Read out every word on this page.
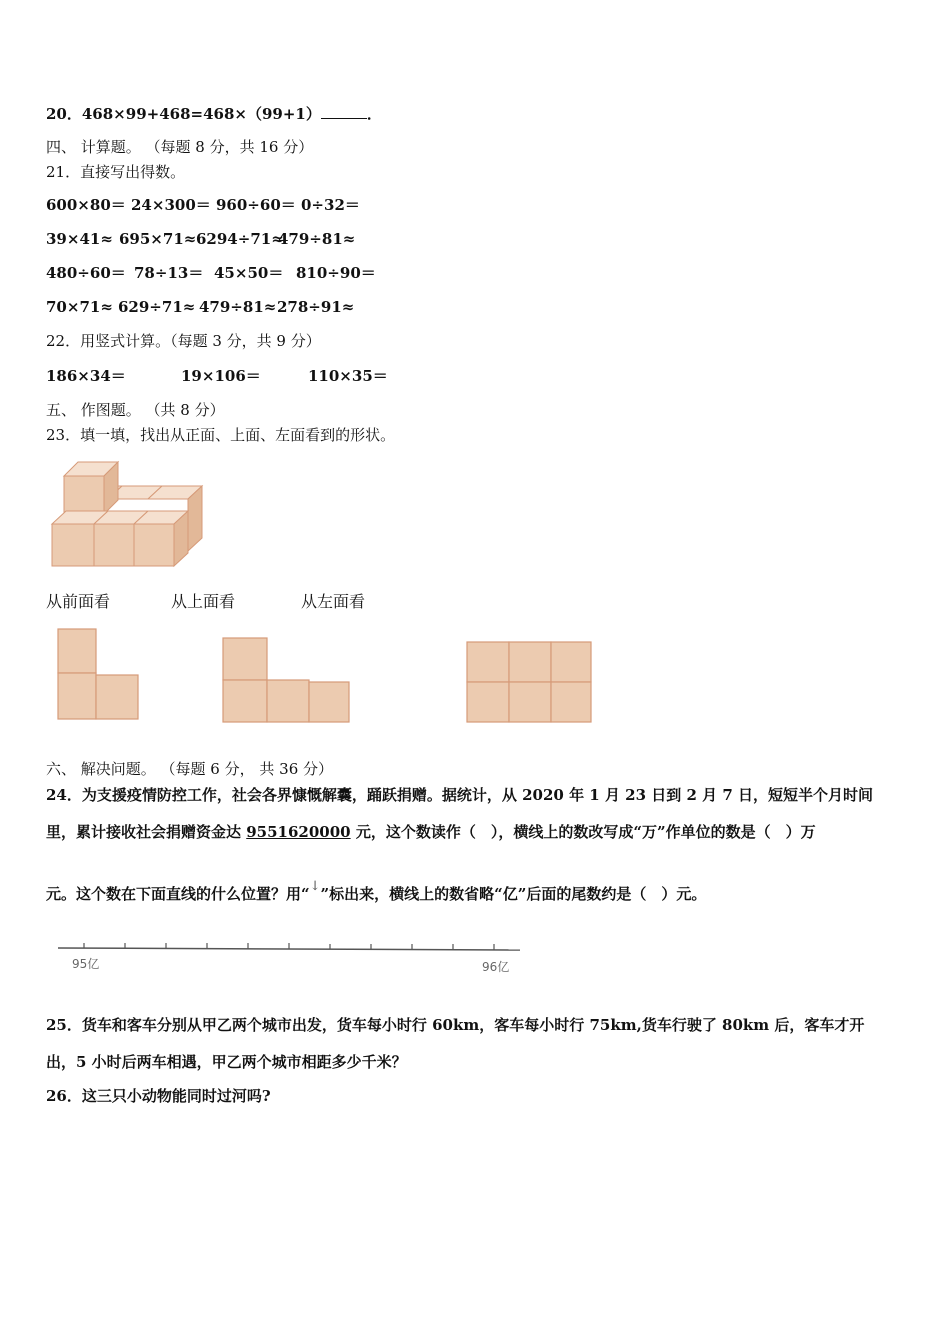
20．468×99+468=468×（99+1）	．
四、 计算题。 （每题 8 分，共 16 分）
21．直接写出得数。
600×80＝ 24×300＝ 960÷60＝ 0÷32＝
39×41≈ 695×71≈6294÷71≈479÷81≈
480÷60＝ 78÷13＝ 45×50＝ 810÷90＝
70×71≈ 629÷71≈ 479÷81≈278÷91≈
22．用竖式计算。（每题 3 分，共 9 分）
186×34＝	19×106＝	110×35＝
五、 作图题。 （共 8 分）
23．填一填，找出从正面、上面、左面看到的形状。
从前面看	从上面看	从左面看
六、 解决问题。 （每题 6 分， 共 36 分）
24．为支援疫情防控工作，社会各界慷慨解囊，踊跃捐赠。据统计，从 2020 年 1 月 23 日到 2 月 7 日，短短半个月时间
里，累计接收社会捐赠资金达 9551620000 元，这个数读作（　），横线上的数改写成“万”作单位的数是（　）万
元。这个数在下面直线的什么位置？用“↓”标出来，横线上的数省略“亿”后面的尾数约是（　）元。
95亿	96亿
25．货车和客车分别从甲乙两个城市出发，货车每小时行 60km，客车每小时行 75km,货车行驶了 80km 后，客车才开
出，5 小时后两车相遇，甲乙两个城市相距多少千米？
26．这三只小动物能同时过河吗?
